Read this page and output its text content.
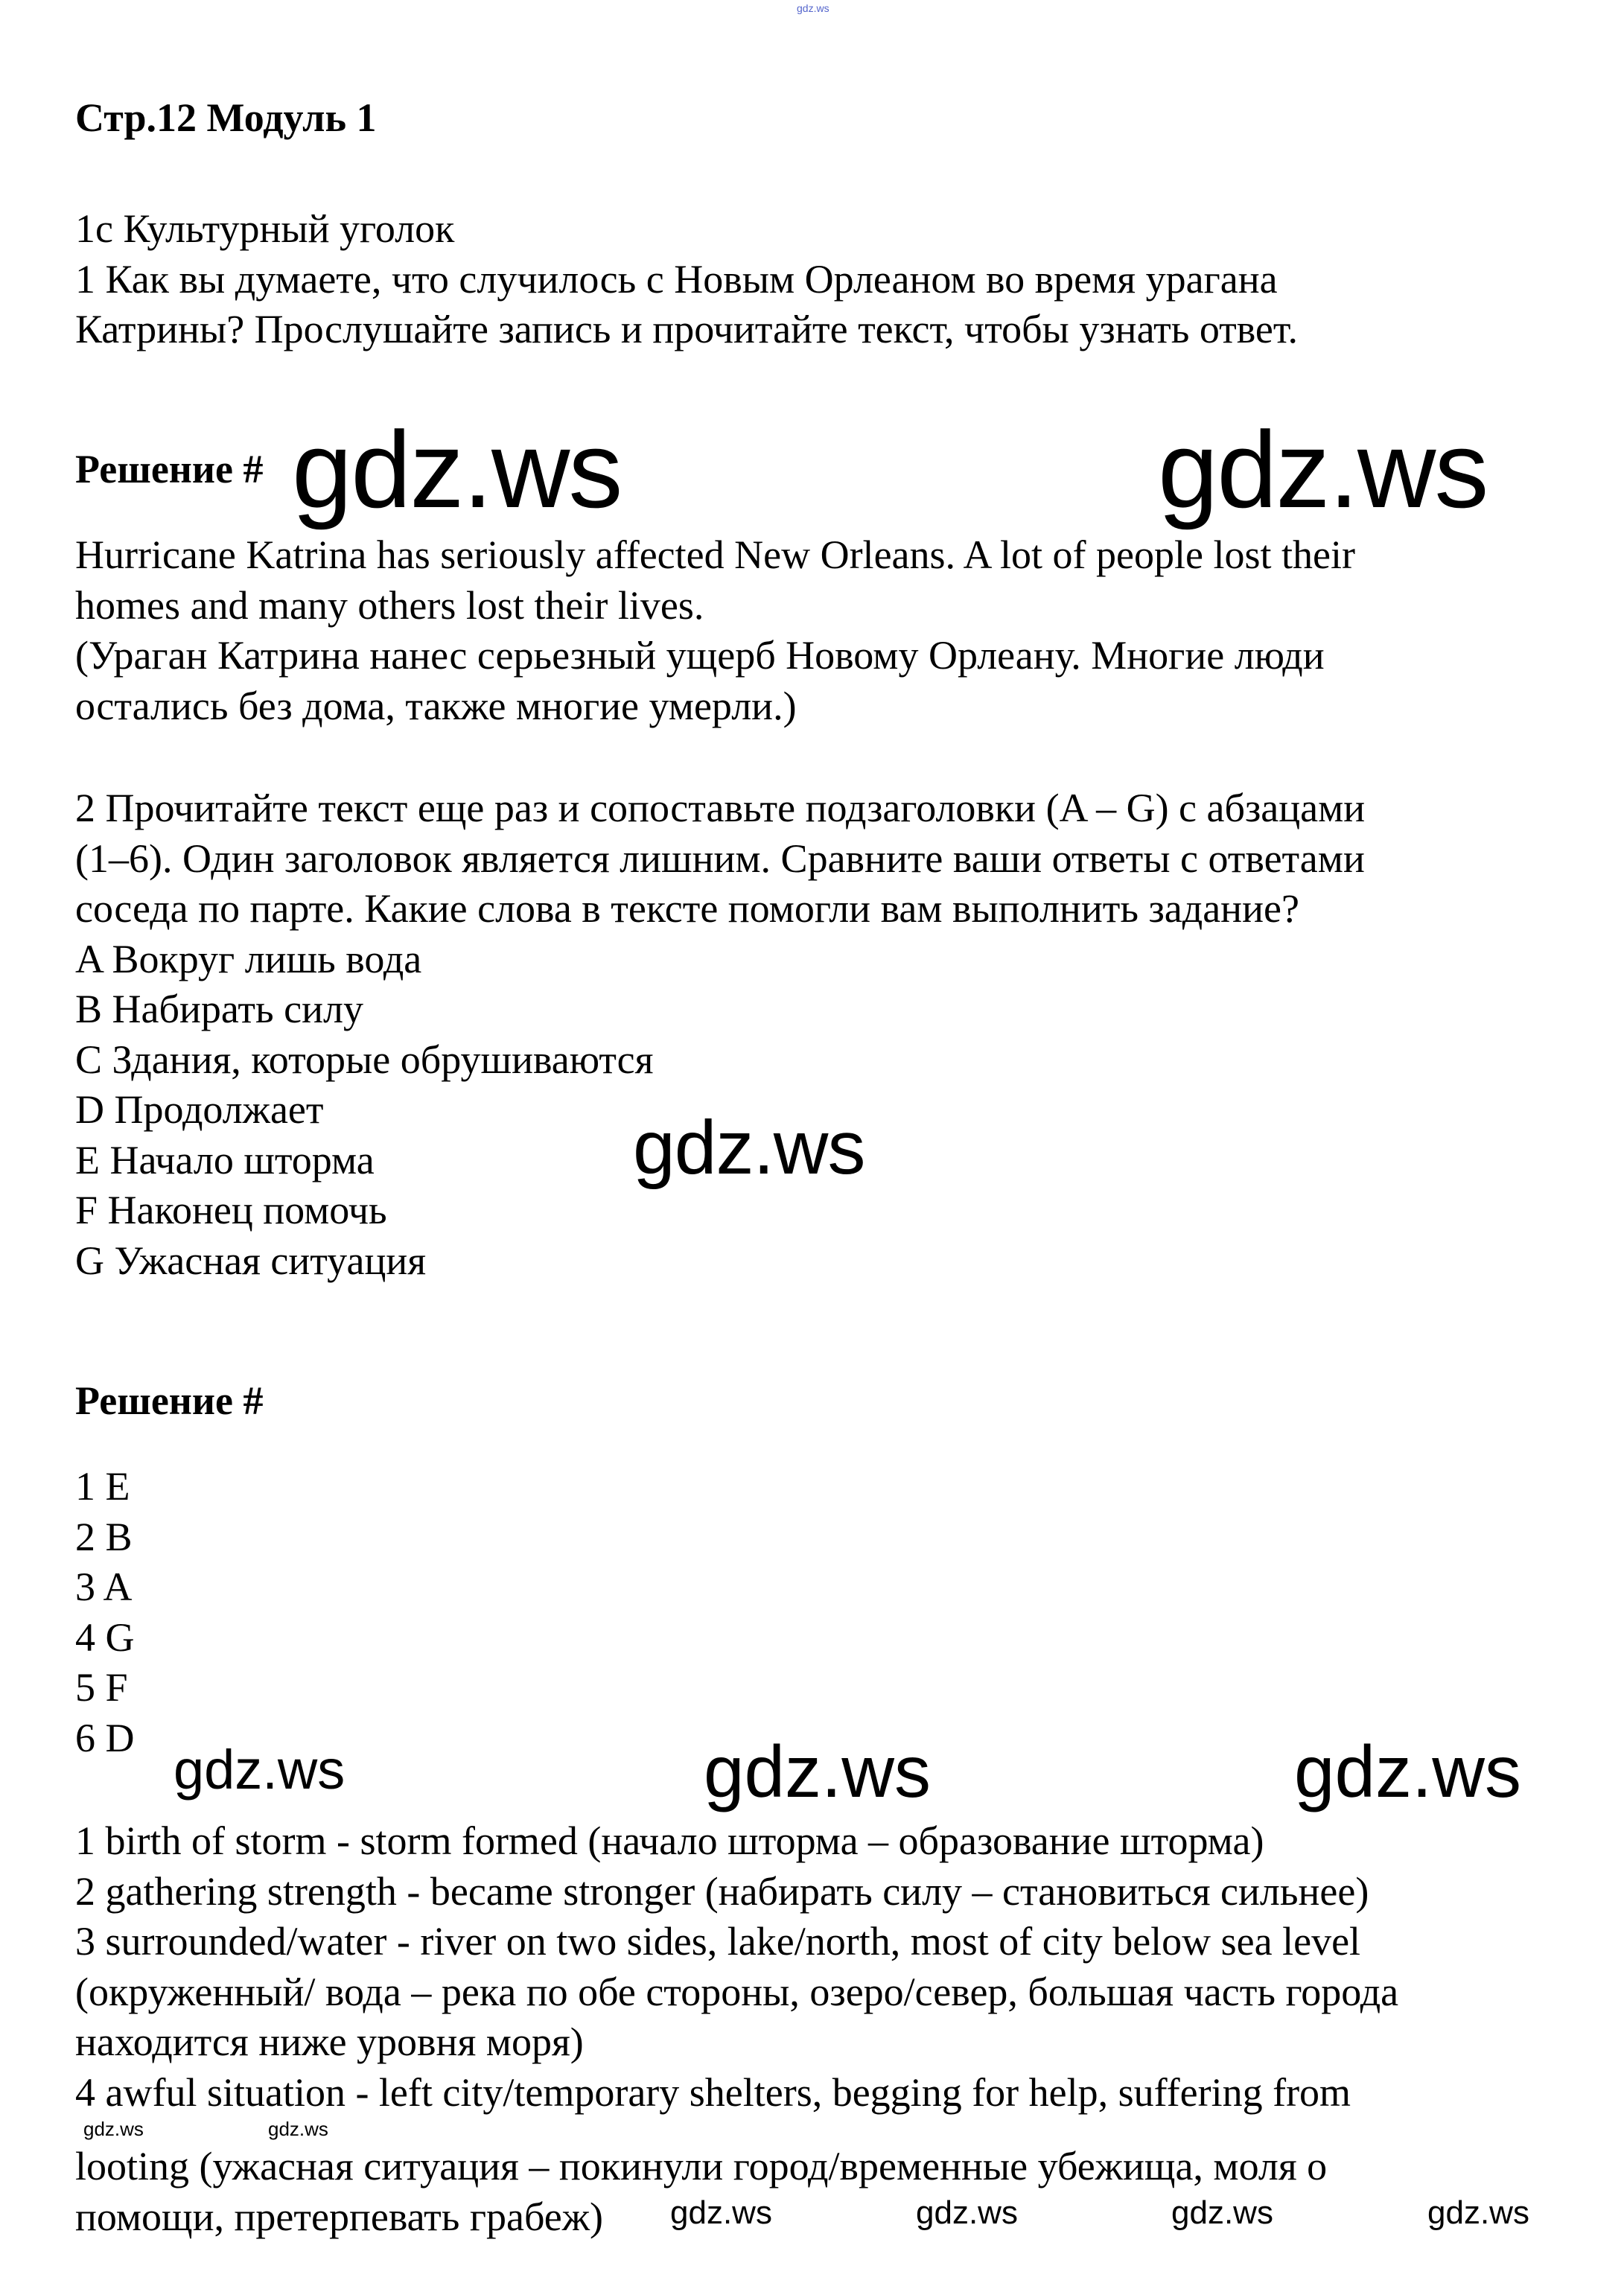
gdz.ws
Стр.12 Модуль 1
1c Культурный уголок
1 Как вы думаете, что случилось с Новым Орлеаном во время урагана
Катрины? Прослушайте запись и прочитайте текст, чтобы узнать ответ.
Решение # gdz.ws	gdz.ws
Hurricane Katrina has seriously affected New Orleans. A lot of people lost their
homes and many others lost their lives.
(Ураган Катрина нанес серьезный ущерб Новому Орлеану. Многие люди
остались без дома, также многие умерли.)
2 Прочитайте текст еще раз и сопоставьте подзаголовки (A – G) с абзацами
(1–6). Один заголовок является лишним. Сравните ваши ответы с ответами
соседа по парте. Какие слова в тексте помогли вам выполнить задание?
A Вокруг лишь вода
B Набирать силу
C Здания, которые обрушиваются
D Продолжает
E Начало шторма
F Наконец помочь
G Ужасная ситуация
gdz.ws
Решение #
1 E
2 B
3 A
4 G
5 F
6 D
gdz.ws	gdz.ws	gdz.ws
1 birth of storm - storm formed (начало шторма – образование шторма)
2 gathering strength - became stronger (набирать силу – становиться сильнее)
3 surrounded/water - river on two sides, lake/north, most of city below sea level
(окруженный/ вода – река по обе стороны, озеро/север, большая часть города
находится ниже уровня моря)
4 awful situation - left city/temporary shelters, begging for help, suffering from
looting (ужасная ситуация – покинули город/временные убежища, моля о
помощи, претерпевать грабеж)
gdz.ws	gdz.ws
gdz.ws	gdz.ws	gdz.ws	gdz.ws
